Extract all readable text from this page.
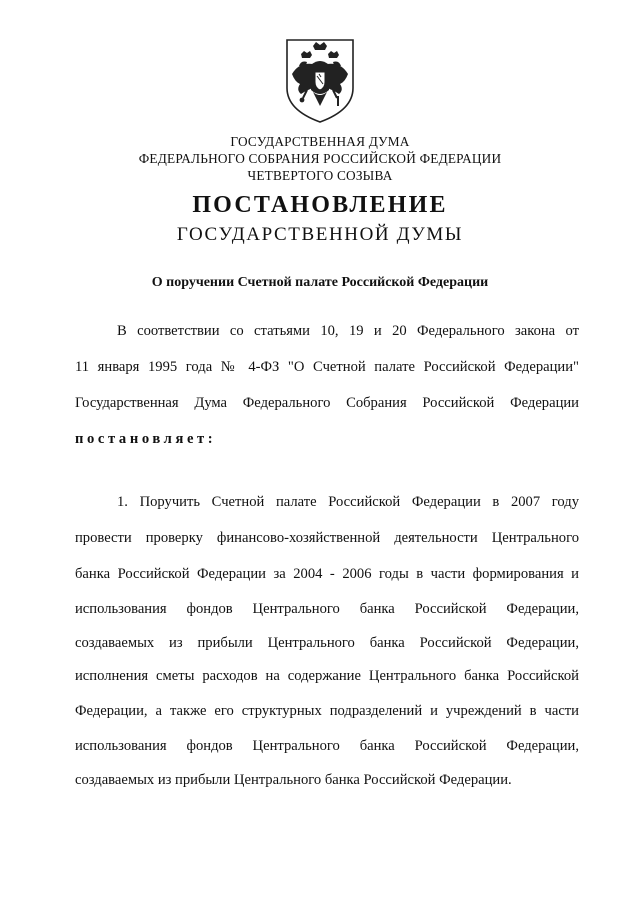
ГОСУДАРСТВЕННАЯ ДУМА
ФЕДЕРАЛЬНОГО СОБРАНИЯ РОССИЙСКОЙ ФЕДЕРАЦИИ
ЧЕТВЕРТОГО СОЗЫВА
ПОСТАНОВЛЕНИЕ
ГОСУДАРСТВЕННОЙ ДУМЫ
О поручении Счетной палате Российской Федерации
В соответствии со статьями 10, 19 и 20 Федерального закона от
11 января 1995 года № 4-ФЗ "О Счетной палате Российской Федерации"
Государственная Дума Федерального Собрания Российской Федерации
постановляет:
1. Поручить Счетной палате Российской Федерации в 2007 году
провести проверку финансово-хозяйственной деятельности Центрального
банка Российской Федерации за 2004 - 2006 годы в части формирования и
использования фондов Центрального банка Российской Федерации,
создаваемых из прибыли Центрального банка Российской Федерации,
исполнения сметы расходов на содержание Центрального банка Российской
Федерации, а также его структурных подразделений и учреждений в части
использования фондов Центрального банка Российской Федерации,
создаваемых из прибыли Центрального банка Российской Федерации.
